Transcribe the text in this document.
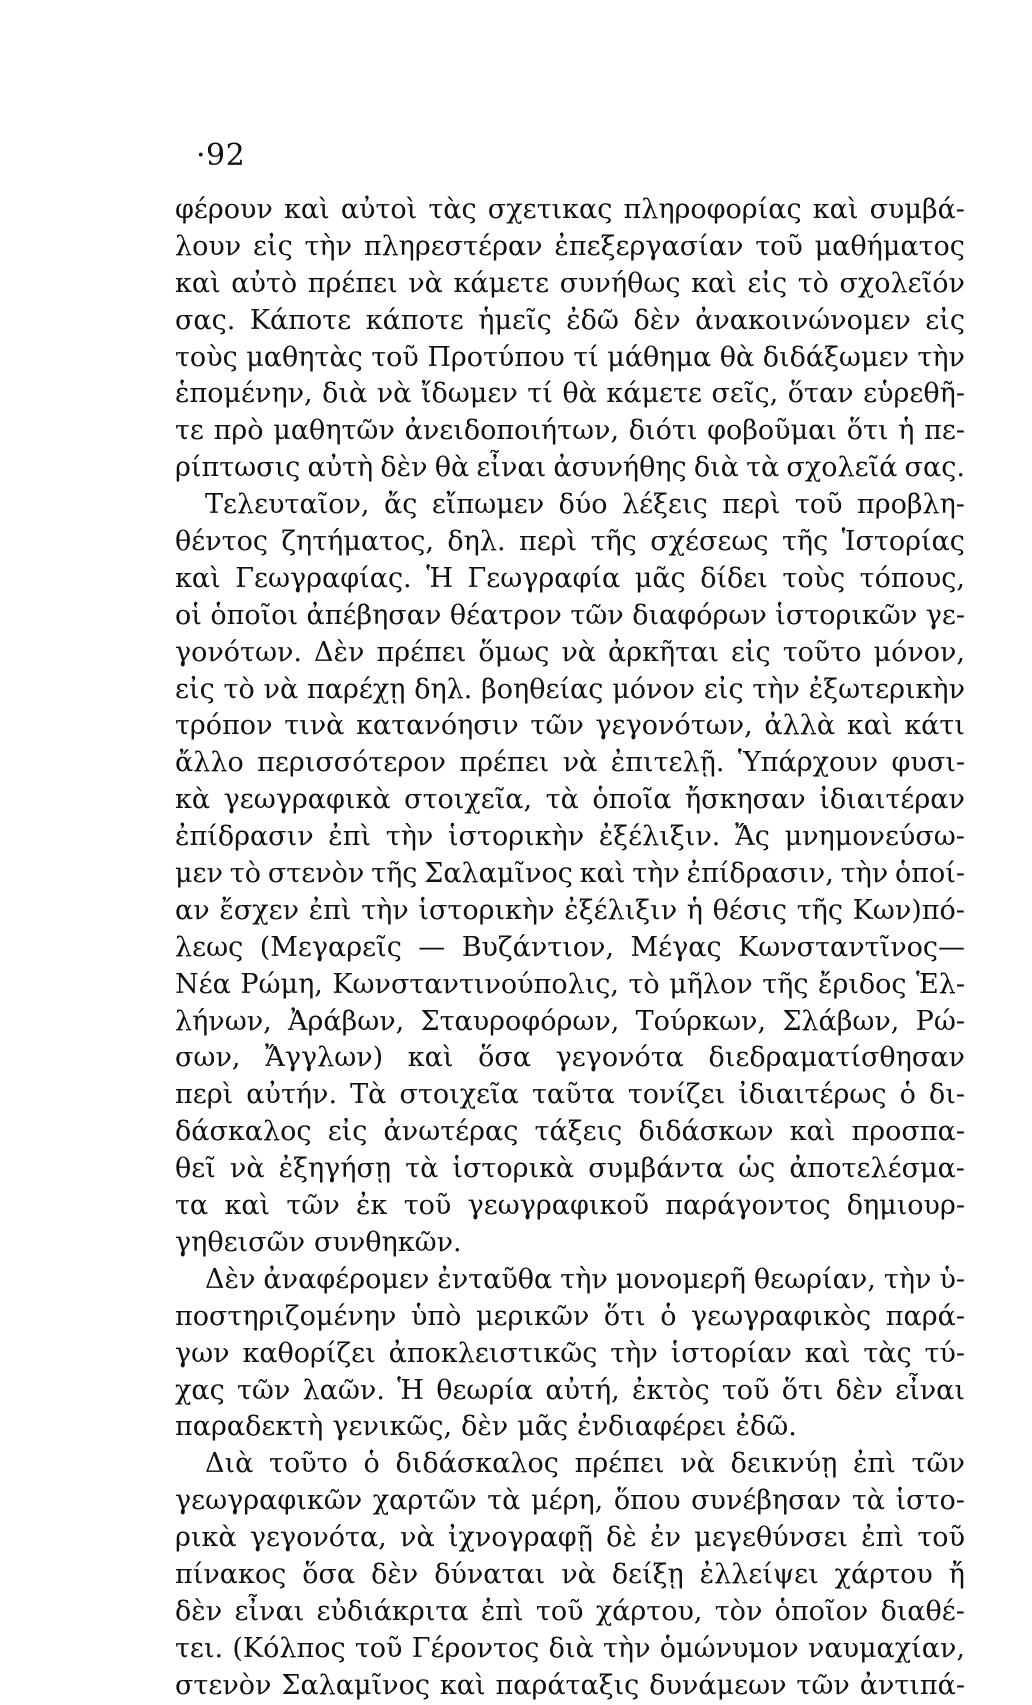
·92
φέρουν καὶ αὐτοὶ τὰς σχετικας πληροφορίας καὶ συμβά-
λουν εἰς τὴν πληρεστέραν ἐπεξεργασίαν τοῦ μαθήματος
καὶ αὐτὸ πρέπει νὰ κάμετε συνήθως καὶ εἰς τὸ σχολεῖόν
σας. Κάποτε κάποτε ἡμεῖς ἐδῶ δὲν ἀνακοινώνομεν εἰς
τοὺς μαθητὰς τοῦ Προτύπου τί μάθημα θὰ διδάξωμεν τὴν
ἑπομένην, διὰ νὰ ἴδωμεν τί θὰ κάμετε σεῖς, ὅταν εὑρεθῆ-
τε πρὸ μαθητῶν ἀνειδοποιήτων, διότι φοβοῦμαι ὅτι ἡ πε-
ρίπτωσις αὐτὴ δὲν θὰ εἶναι ἀσυνήθης διὰ τὰ σχολεῖά σας.
Τελευταῖον, ἄς εἴπωμεν δύο λέξεις περὶ τοῦ προβλη-
θέντος ζητήματος, δηλ. περὶ τῆς σχέσεως τῆς Ἱστορίας
καὶ Γεωγραφίας. Ἡ Γεωγραφία μᾶς δίδει τοὺς τόπους,
οἱ ὁποῖοι ἀπέβησαν θέατρον τῶν διαφόρων ἱστορικῶν γε-
γονότων. Δὲν πρέπει ὅμως νὰ ἀρκῆται εἰς τοῦτο μόνον,
εἰς τὸ νὰ παρέχῃ δηλ. βοηθείας μόνον εἰς τὴν ἐξωτερικὴν
τρόπον τινὰ κατανόησιν τῶν γεγονότων, ἀλλὰ καὶ κάτι
ἄλλο περισσότερον πρέπει νὰ ἐπιτελῇ. Ὑπάρχουν φυσι-
κὰ γεωγραφικὰ στοιχεῖα, τὰ ὁποῖα ἤσκησαν ἰδιαιτέραν
ἐπίδρασιν ἐπὶ τὴν ἱστορικὴν ἐξέλιξιν. Ἄς μνημονεύσω-
μεν τὸ στενὸν τῆς Σαλαμῖνος καὶ τὴν ἐπίδρασιν, τὴν ὁποί-
αν ἔσχεν ἐπὶ τὴν ἱστορικὴν ἐξέλιξιν ἡ θέσις τῆς Κων)πό-
λεως (Μεγαρεῖς — Βυζάντιον, Μέγας Κωνσταντῖνος—
Νέα Ρώμη, Κωνσταντινούπολις, τὸ μῆλον τῆς ἔριδος Ἑλ-
λήνων, Ἀράβων, Σταυροφόρων, Τούρκων, Σλάβων, Ρώ-
σων, Ἄγγλων) καὶ ὅσα γεγονότα διεδραματίσθησαν
περὶ αὐτήν. Τὰ στοιχεῖα ταῦτα τονίζει ἰδιαιτέρως ὁ δι-
δάσκαλος εἰς ἀνωτέρας τάξεις διδάσκων καὶ προσπα-
θεῖ νὰ ἐξηγήσῃ τὰ ἱστορικὰ συμβάντα ὡς ἀποτελέσμα-
τα καὶ τῶν ἐκ τοῦ γεωγραφικοῦ παράγοντος δημιουρ-
γηθεισῶν συνθηκῶν.
Δὲν ἀναφέρομεν ἐνταῦθα τὴν μονομερῆ θεωρίαν, τὴν ὑ-
ποστηριζομένην ὑπὸ μερικῶν ὅτι ὁ γεωγραφικὸς παρά-
γων καθορίζει ἀποκλειστικῶς τὴν ἱστορίαν καὶ τὰς τύ-
χας τῶν λαῶν. Ἡ θεωρία αὐτή, ἐκτὸς τοῦ ὅτι δὲν εἶναι
παραδεκτὴ γενικῶς, δὲν μᾶς ἐνδιαφέρει ἐδῶ.
Διὰ τοῦτο ὁ διδάσκαλος πρέπει νὰ δεικνύῃ ἐπὶ τῶν
γεωγραφικῶν χαρτῶν τὰ μέρη, ὅπου συνέβησαν τὰ ἱστο-
ρικὰ γεγονότα, νὰ ἰχνογραφῇ δὲ ἐν μεγεθύνσει ἐπὶ τοῦ
πίνακος ὅσα δὲν δύναται νὰ δείξῃ ἐλλείψει χάρτου ἤ
δὲν εἶναι εὐδιάκριτα ἐπὶ τοῦ χάρτου, τὸν ὁποῖον διαθέ-
τει. (Κόλπος τοῦ Γέροντος διὰ τὴν ὁμώνυμον ναυμαχίαν,
στενὸν Σαλαμῖνος καὶ παράταξις δυνάμεων τῶν ἀντιπά-
